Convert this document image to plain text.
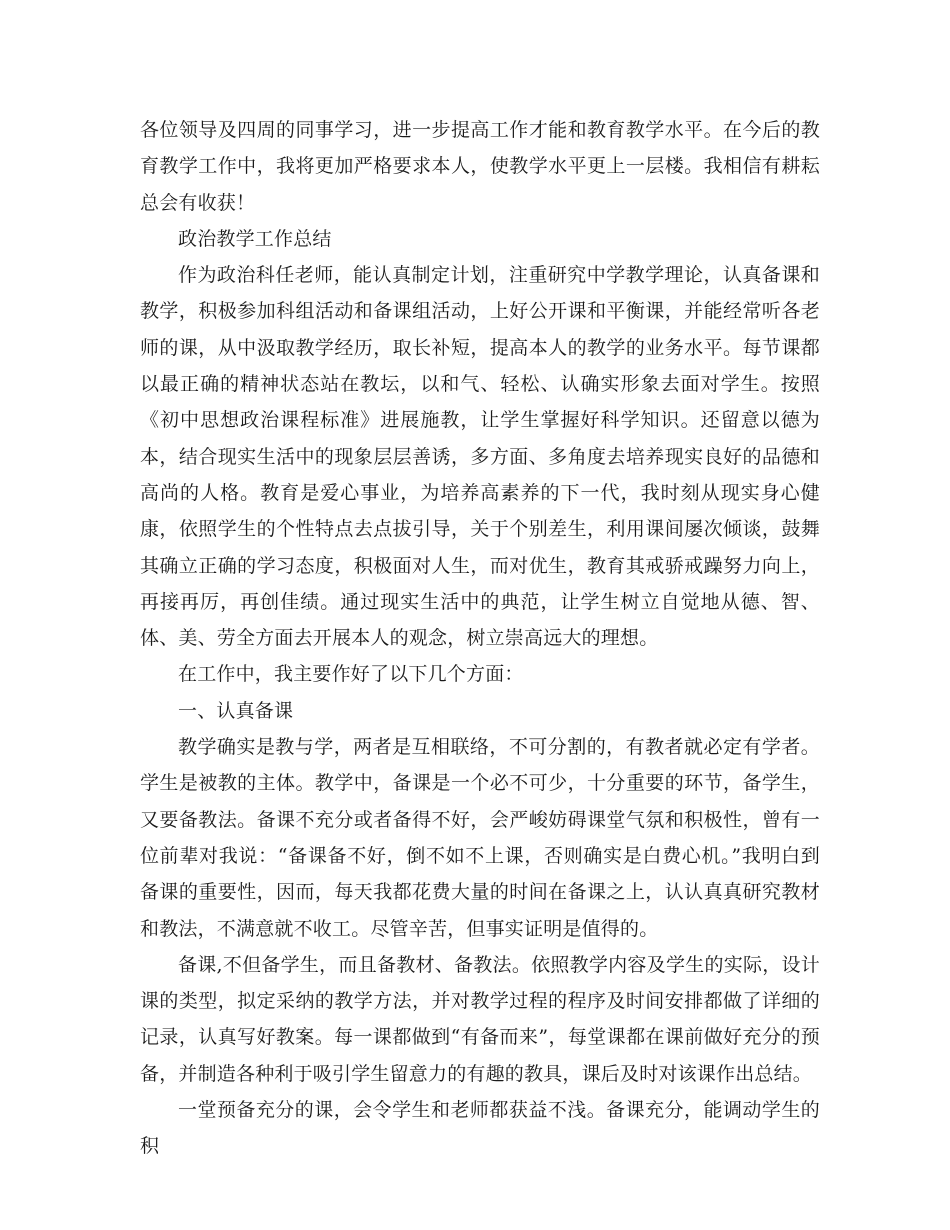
各位领导及四周的同事学习，进一步提高工作才能和教育教学水平。在今后的教育教学工作中，我将更加严格要求本人，使教学水平更上一层楼。我相信有耕耘总会有收获！

政治教学工作总结

作为政治科任老师，能认真制定计划，注重研究中学教学理论，认真备课和教学，积极参加科组活动和备课组活动，上好公开课和平衡课，并能经常听各老师的课，从中汲取教学经历，取长补短，提高本人的教学的业务水平。每节课都以最正确的精神状态站在教坛，以和气、轻松、认确实形象去面对学生。按照《初中思想政治课程标准》进展施教，让学生掌握好科学知识。还留意以德为本，结合现实生活中的现象层层善诱，多方面、多角度去培养现实良好的品德和高尚的人格。教育是爱心事业，为培养高素养的下一代，我时刻从现实身心健康，依照学生的个性特点去点拔引导，关于个别差生，利用课间屡次倾谈，鼓舞其确立正确的学习态度，积极面对人生，而对优生，教育其戒骄戒躁努力向上，再接再厉，再创佳绩。通过现实生活中的典范，让学生树立自觉地从德、智、体、美、劳全方面去开展本人的观念，树立崇高远大的理想。

在工作中，我主要作好了以下几个方面：

一、认真备课

教学确实是教与学，两者是互相联络，不可分割的，有教者就必定有学者。学生是被教的主体。教学中，备课是一个必不可少，十分重要的环节，备学生，又要备教法。备课不充分或者备得不好，会严峻妨碍课堂气氛和积极性，曾有一位前辈对我说：“备课备不好，倒不如不上课，否则确实是白费心机。”我明白到备课的重要性，因而，每天我都花费大量的时间在备课之上，认认真真研究教材和教法，不满意就不收工。尽管辛苦，但事实证明是值得的。

备课,不但备学生，而且备教材、备教法。依照教学内容及学生的实际，设计课的类型，拟定采纳的教学方法，并对教学过程的程序及时间安排都做了详细的记录，认真写好教案。每一课都做到“有备而来”，每堂课都在课前做好充分的预备，并制造各种利于吸引学生留意力的有趣的教具，课后及时对该课作出总结。

一堂预备充分的课，会令学生和老师都获益不浅。备课充分，能调动学生的积
